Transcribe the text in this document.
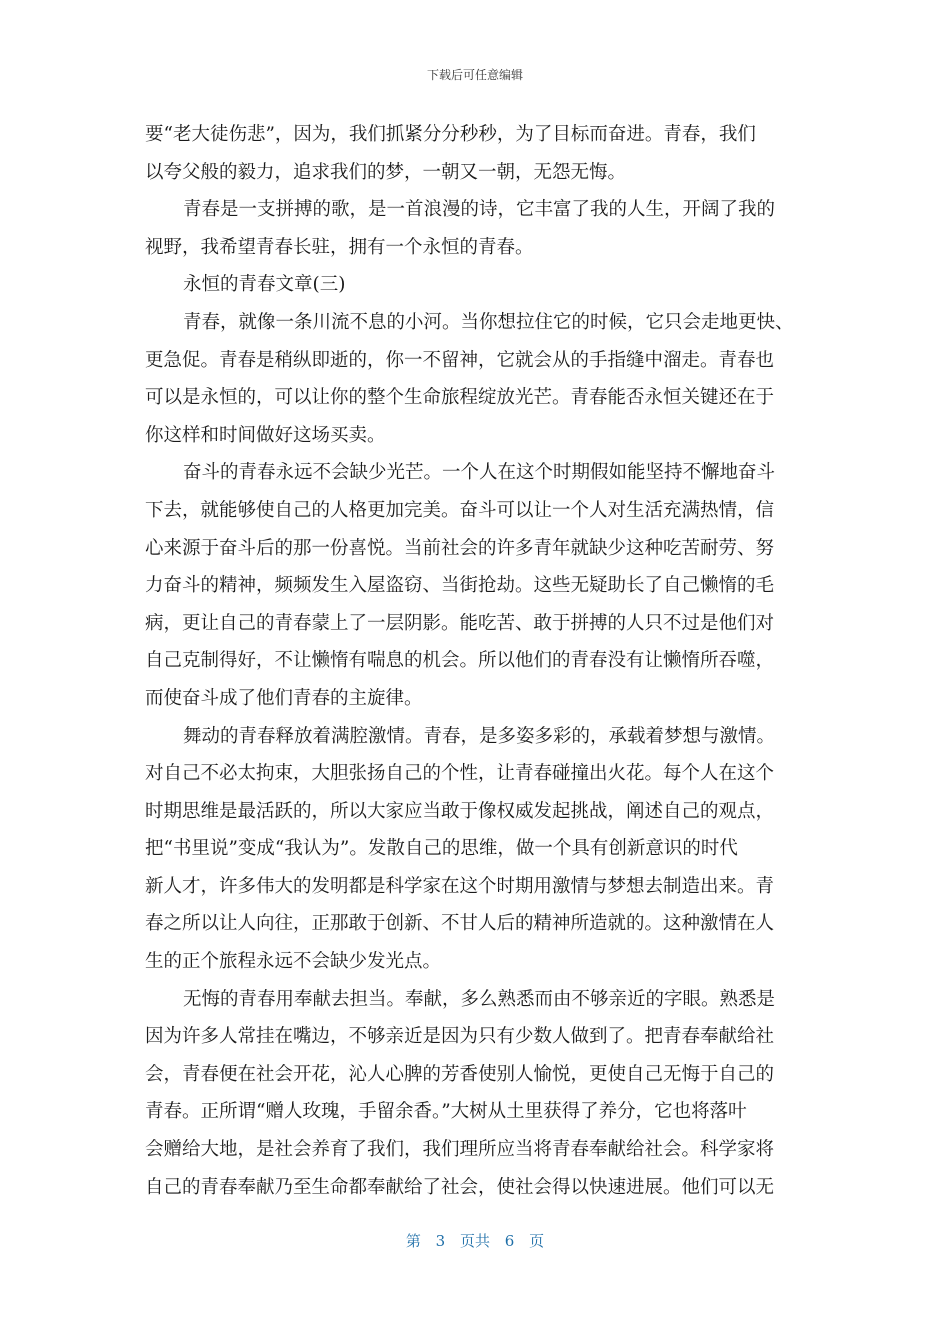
下载后可任意编辑
要“老大徒伤悲”，因为，我们抓紧分分秒秒，为了目标而奋进。青春，我们
以夸父般的毅力，追求我们的梦，一朝又一朝，无怨无悔。
青春是一支拼搏的歌，是一首浪漫的诗，它丰富了我的人生，开阔了我的
视野，我希望青春长驻，拥有一个永恒的青春。
永恒的青春文章(三)
青春，就像一条川流不息的小河。当你想拉住它的时候，它只会走地更快、
更急促。青春是稍纵即逝的，你一不留神，它就会从的手指缝中溜走。青春也
可以是永恒的，可以让你的整个生命旅程绽放光芒。青春能否永恒关键还在于
你这样和时间做好这场买卖。
奋斗的青春永远不会缺少光芒。一个人在这个时期假如能坚持不懈地奋斗
下去，就能够使自己的人格更加完美。奋斗可以让一个人对生活充满热情，信
心来源于奋斗后的那一份喜悦。当前社会的许多青年就缺少这种吃苦耐劳、努
力奋斗的精神，频频发生入屋盗窃、当街抢劫。这些无疑助长了自己懒惰的毛
病，更让自己的青春蒙上了一层阴影。能吃苦、敢于拼搏的人只不过是他们对
自己克制得好，不让懒惰有喘息的机会。所以他们的青春没有让懒惰所吞噬，
而使奋斗成了他们青春的主旋律。
舞动的青春释放着满腔激情。青春，是多姿多彩的，承载着梦想与激情。
对自己不必太拘束，大胆张扬自己的个性，让青春碰撞出火花。每个人在这个
时期思维是最活跃的，所以大家应当敢于像权威发起挑战，阐述自己的观点，
把“书里说”变成“我认为”。发散自己的思维，做一个具有创新意识的时代
新人才，许多伟大的发明都是科学家在这个时期用激情与梦想去制造出来。青
春之所以让人向往，正那敢于创新、不甘人后的精神所造就的。这种激情在人
生的正个旅程永远不会缺少发光点。
无悔的青春用奉献去担当。奉献，多么熟悉而由不够亲近的字眼。熟悉是
因为许多人常挂在嘴边，不够亲近是因为只有少数人做到了。把青春奉献给社
会，青春便在社会开花，沁人心脾的芳香使别人愉悦，更使自己无悔于自己的
青春。正所谓“赠人玫瑰，手留余香。”大树从土里获得了养分，它也将落叶
会赠给大地，是社会养育了我们，我们理所应当将青春奉献给社会。科学家将
自己的青春奉献乃至生命都奉献给了社会，使社会得以快速进展。他们可以无
第 3 页共 6 页
